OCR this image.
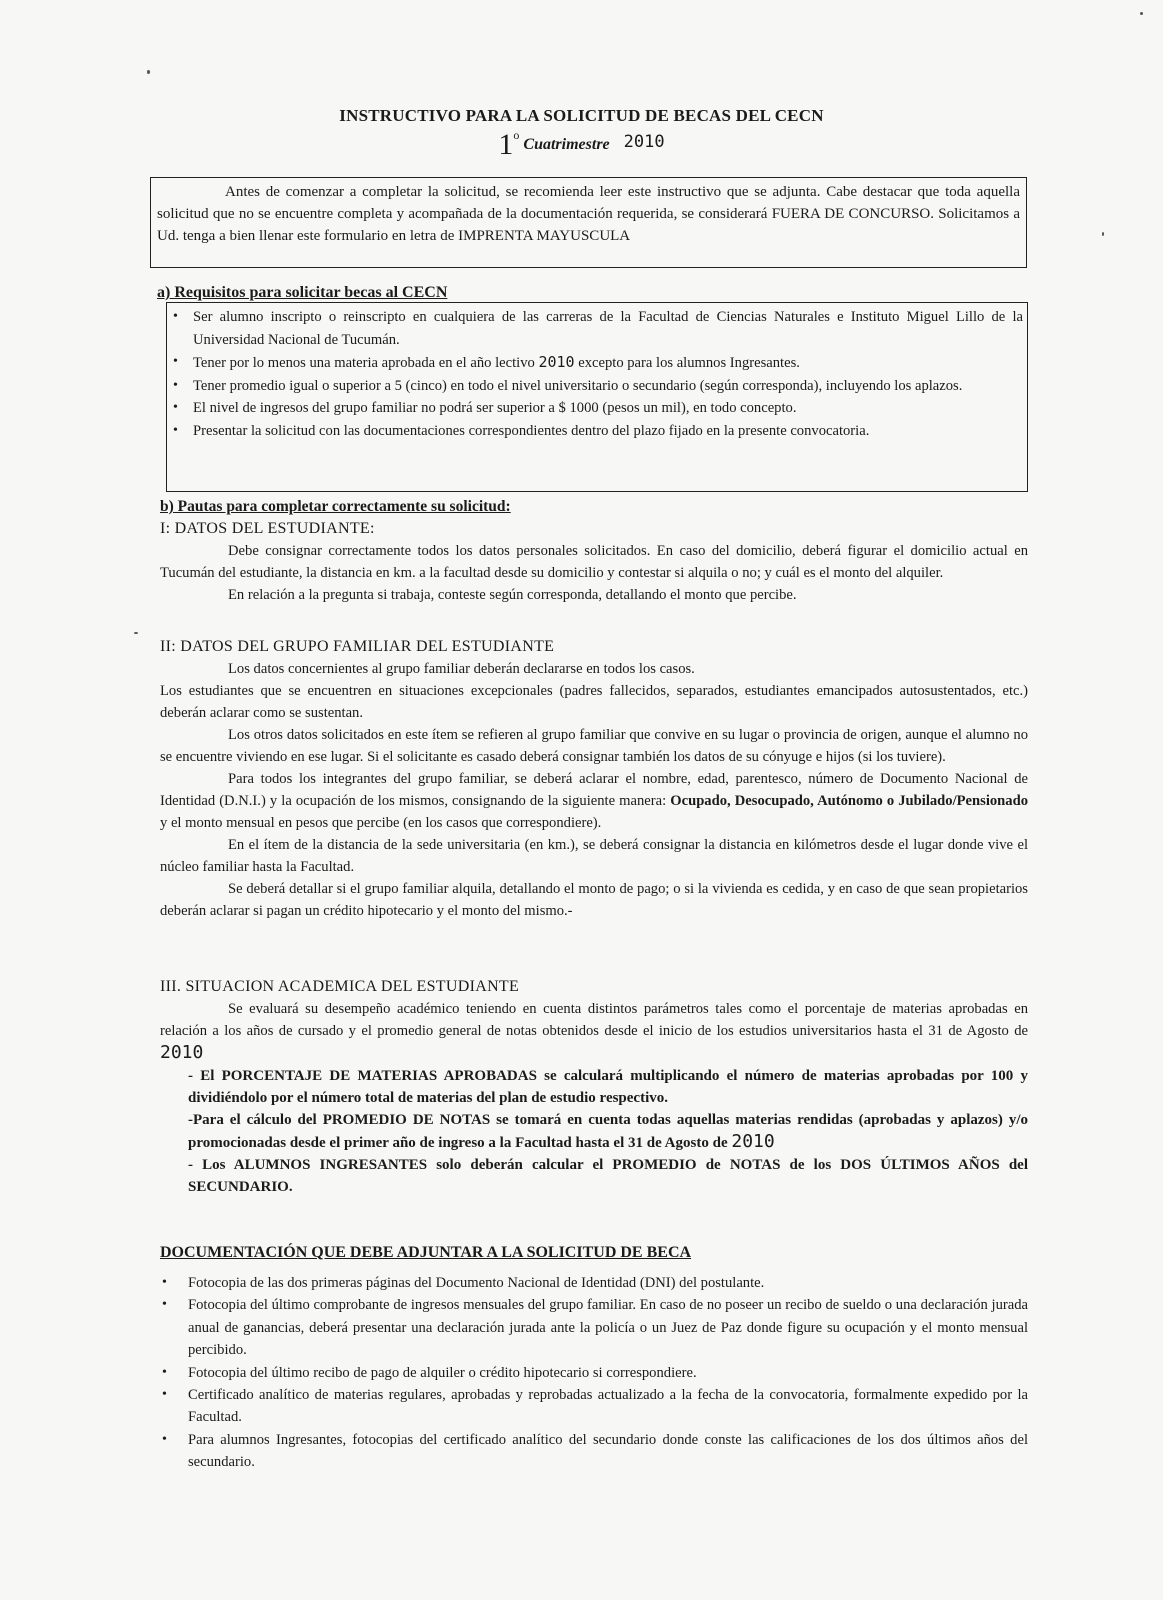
INSTRUCTIVO PARA LA SOLICITUD DE BECAS DEL CECN
1$^o$ Cuatrimestre 2010

Antes de comenzar a completar la solicitud, se recomienda leer este instructivo que se adjunta. Cabe destacar que toda aquella solicitud que no se encuentre completa y acompañada de la documentación requerida, se considerará FUERA DE CONCURSO. Solicitamos a Ud. tenga a bien llenar este formulario en letra de IMPRENTA MAYUSCULA

a) Requisitos para solicitar becas al CECN
• Ser alumno inscripto o reinscripto en cualquiera de las carreras de la Facultad de Ciencias Naturales e Instituto Miguel Lillo de la Universidad Nacional de Tucumán.
• Tener por lo menos una materia aprobada en el año lectivo 2010 excepto para los alumnos Ingresantes.
• Tener promedio igual o superior a 5 (cinco) en todo el nivel universitario o secundario (según corresponda), incluyendo los aplazos.
• El nivel de ingresos del grupo familiar no podrá ser superior a $ 1000 (pesos un mil), en todo concepto.
• Presentar la solicitud con las documentaciones correspondientes dentro del plazo fijado en la presente convocatoria.
b) Pautas para completar correctamente su solicitud:
I: DATOS DEL ESTUDIANTE:

Debe consignar correctamente todos los datos personales solicitados. En caso del domicilio, deberá figurar el domicilio actual en Tucumán del estudiante, la distancia en km. a la facultad desde su domicilio y contestar si alquila o no; y cuál es el monto del alquiler.

En relación a la pregunta si trabaja, conteste según corresponda, detallando el monto que percibe.

II: DATOS DEL GRUPO FAMILIAR DEL ESTUDIANTE

Los datos concernientes al grupo familiar deberán declararse en todos los casos.

Los estudiantes que se encuentren en situaciones excepcionales (padres fallecidos, separados, estudiantes emancipados autosustentados, etc.) deberán aclarar como se sustentan.

Los otros datos solicitados en este ítem se refieren al grupo familiar que convive en su lugar o provincia de origen, aunque el alumno no se encuentre viviendo en ese lugar. Si el solicitante es casado deberá consignar también los datos de su cónyuge e hijos (si los tuviere).

Para todos los integrantes del grupo familiar, se deberá aclarar el nombre, edad, parentesco, número de Documento Nacional de Identidad (D.N.I.) y la ocupación de los mismos, consignando de la siguiente manera: Ocupado, Desocupado, Autónomo o Jubilado/Pensionado y el monto mensual en pesos que percibe (en los casos que correspondiere).

En el ítem de la distancia de la sede universitaria (en km.), se deberá consignar la distancia en kilómetros desde el lugar donde vive el núcleo familiar hasta la Facultad.

Se deberá detallar si el grupo familiar alquila, detallando el monto de pago; o si la vivienda es cedida, y en caso de que sean propietarios deberán aclarar si pagan un crédito hipotecario y el monto del mismo.-

III. SITUACION ACADEMICA DEL ESTUDIANTE

Se evaluará su desempeño académico teniendo en cuenta distintos parámetros tales como el porcentaje de materias aprobadas en relación a los años de cursado y el promedio general de notas obtenidos desde el inicio de los estudios universitarios hasta el 31 de Agosto de 2010

- El PORCENTAJE DE MATERIAS APROBADAS se calculará multiplicando el número de materias aprobadas por 100 y dividiéndolo por el número total de materias del plan de estudio respectivo.

-Para el cálculo del PROMEDIO DE NOTAS se tomará en cuenta todas aquellas materias rendidas (aprobadas y aplazos) y/o promocionadas desde el primer año de ingreso a la Facultad hasta el 31 de Agosto de 2010

- Los ALUMNOS INGRESANTES solo deberán calcular el PROMEDIO de NOTAS de los DOS ÚLTIMOS AÑOS del SECUNDARIO.

DOCUMENTACIÓN QUE DEBE ADJUNTAR A LA SOLICITUD DE BECA
• Fotocopia de las dos primeras páginas del Documento Nacional de Identidad (DNI) del postulante.
• Fotocopia del último comprobante de ingresos mensuales del grupo familiar. En caso de no poseer un recibo de sueldo o una declaración jurada anual de ganancias, deberá presentar una declaración jurada ante la policía o un Juez de Paz donde figure su ocupación y el monto mensual percibido.
• Fotocopia del último recibo de pago de alquiler o crédito hipotecario si correspondiere.
• Certificado analítico de materias regulares, aprobadas y reprobadas actualizado a la fecha de la convocatoria, formalmente expedido por la Facultad.
• Para alumnos Ingresantes, fotocopias del certificado analítico del secundario donde conste las calificaciones de los dos últimos años del secundario.
